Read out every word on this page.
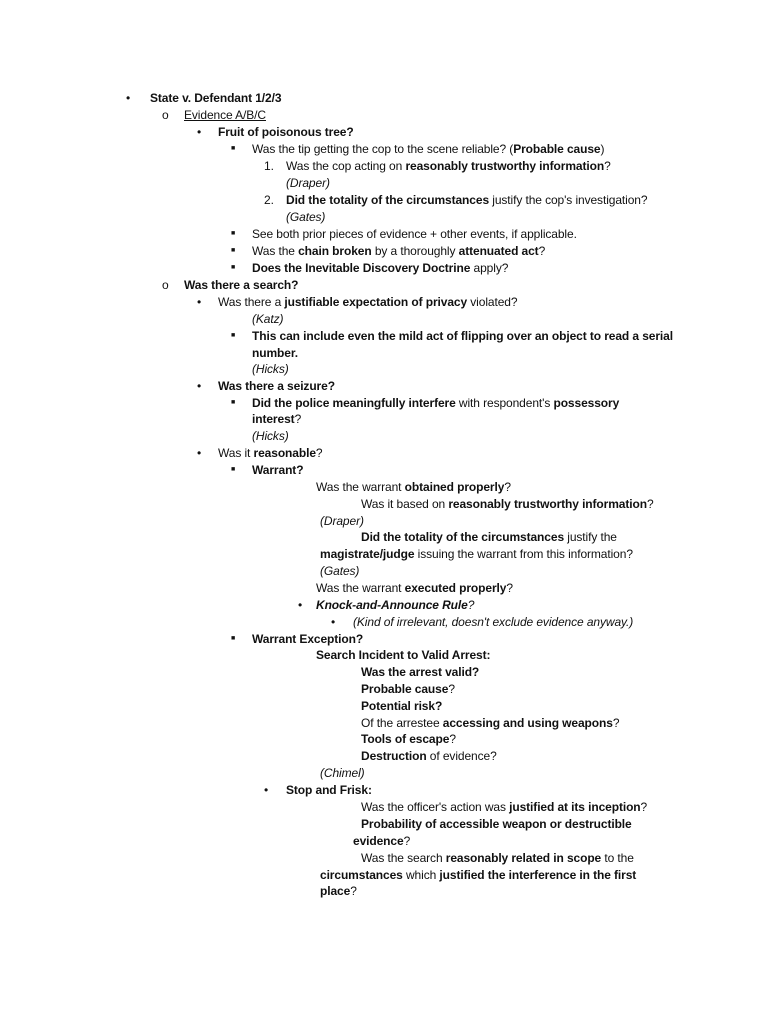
• State v. Defendant 1/2/3
o Evidence A/B/C
• Fruit of poisonous tree?
■ Was the tip getting the cop to the scene reliable? (Probable cause)
1. Was the cop acting on reasonably trustworthy information?
(Draper)
2. Did the totality of the circumstances justify the cop's investigation?
(Gates)
■ See both prior pieces of evidence + other events, if applicable.
■ Was the chain broken by a thoroughly attenuated act?
■ Does the Inevitable Discovery Doctrine apply?
o Was there a search?
• Was there a justifiable expectation of privacy violated?
(Katz)
■ This can include even the mild act of flipping over an object to read a serial
number.
(Hicks)
• Was there a seizure?
■ Did the police meaningfully interfere with respondent's possessory
interest?
(Hicks)
• Was it reasonable?
■ Warrant?
Was the warrant obtained properly?
Was it based on reasonably trustworthy information?
(Draper)
Did the totality of the circumstances justify the
magistrate/judge issuing the warrant from this information?
(Gates)
Was the warrant executed properly?
• Knock-and-Announce Rule?
• (Kind of irrelevant, doesn't exclude evidence anyway.)
■ Warrant Exception?
Search Incident to Valid Arrest:
Was the arrest valid?
Probable cause?
Potential risk?
Of the arrestee accessing and using weapons?
Tools of escape?
Destruction of evidence?
(Chimel)
• Stop and Frisk:
Was the officer's action was justified at its inception?
Probability of accessible weapon or destructible
evidence?
Was the search reasonably related in scope to the
circumstances which justified the interference in the first
place?
